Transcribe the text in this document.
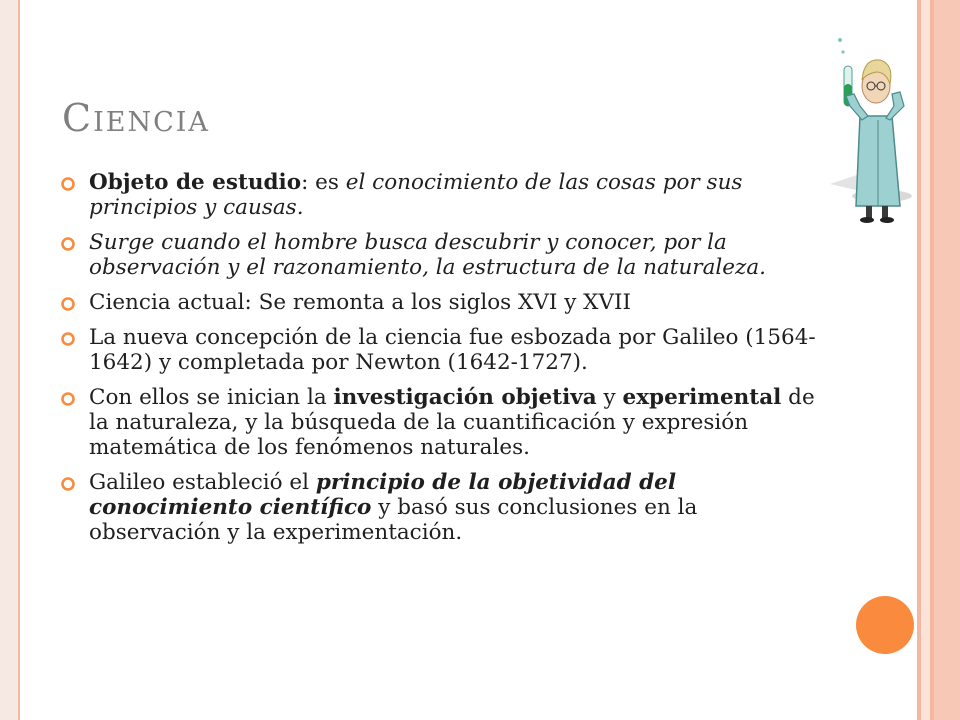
Ciencia
Objeto de estudio: es el conocimiento de las cosas por sus principios y causas.
Surge cuando el hombre busca descubrir y conocer, por la observación y el razonamiento, la estructura de la naturaleza.
Ciencia actual: Se remonta a los siglos XVI y XVII
La nueva concepción de la ciencia fue esbozada por Galileo (1564-1642) y completada por Newton (1642-1727).
Con ellos se inician la investigación objetiva y experimental de la naturaleza, y la búsqueda de la cuantificación y expresión matemática de los fenómenos naturales.
Galileo estableció el principio de la objetividad del conocimiento científico y basó sus conclusiones en la observación y la experimentación.
